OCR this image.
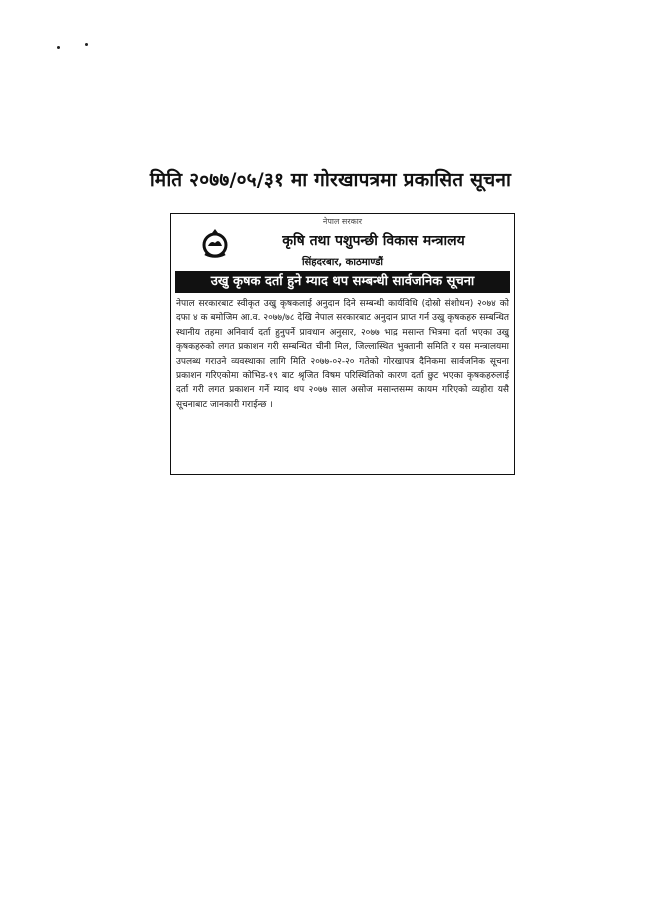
मिति २०७७/०५/३१ मा गोरखापत्रमा प्रकासित सूचना
नेपाल सरकार
कृषि तथा पशुपन्छी विकास मन्त्रालय
सिंहदरबार, काठमाण्डौं
उखु कृषक दर्ता हुने म्याद थप सम्बन्धी सार्वजनिक सूचना
नेपाल सरकारबाट स्वीकृत उखु कृषकलाई अनुदान दिने सम्बन्धी कार्यविधि (दोस्रो संशोधन) २०७४ को दफा ४ क बमोजिम आ.व. २०७७/७८ देखि नेपाल सरकारबाट अनुदान प्राप्त गर्न उखु कृषकहरु सम्बन्धित स्थानीय तहमा अनिवार्य दर्ता हुनुपर्ने प्रावधान अनुसार, २०७७ भाद्र मसान्त भित्रमा दर्ता भएका उखु कृषकहरुको लगत प्रकाशन गरी सम्बन्धित चीनी मिल, जिल्लास्थित भुक्तानी समिति र यस मन्त्रालयमा उपलब्ध गराउने व्यवस्थाका लागि मिति २०७७-०२-२० गतेको गोरखापत्र दैनिकमा सार्वजनिक सूचना प्रकाशन गरिएकोमा कोभिड-१९ बाट श्रृजित विषम परिस्थितिको कारण दर्ता छुट भएका कृषकहरुलाई दर्ता गरी लगत प्रकाशन गर्ने म्याद थप २०७७ साल असोज मसान्तसम्म कायम गरिएको व्यहोरा यसै सूचनाबाट जानकारी गराईन्छ ।
